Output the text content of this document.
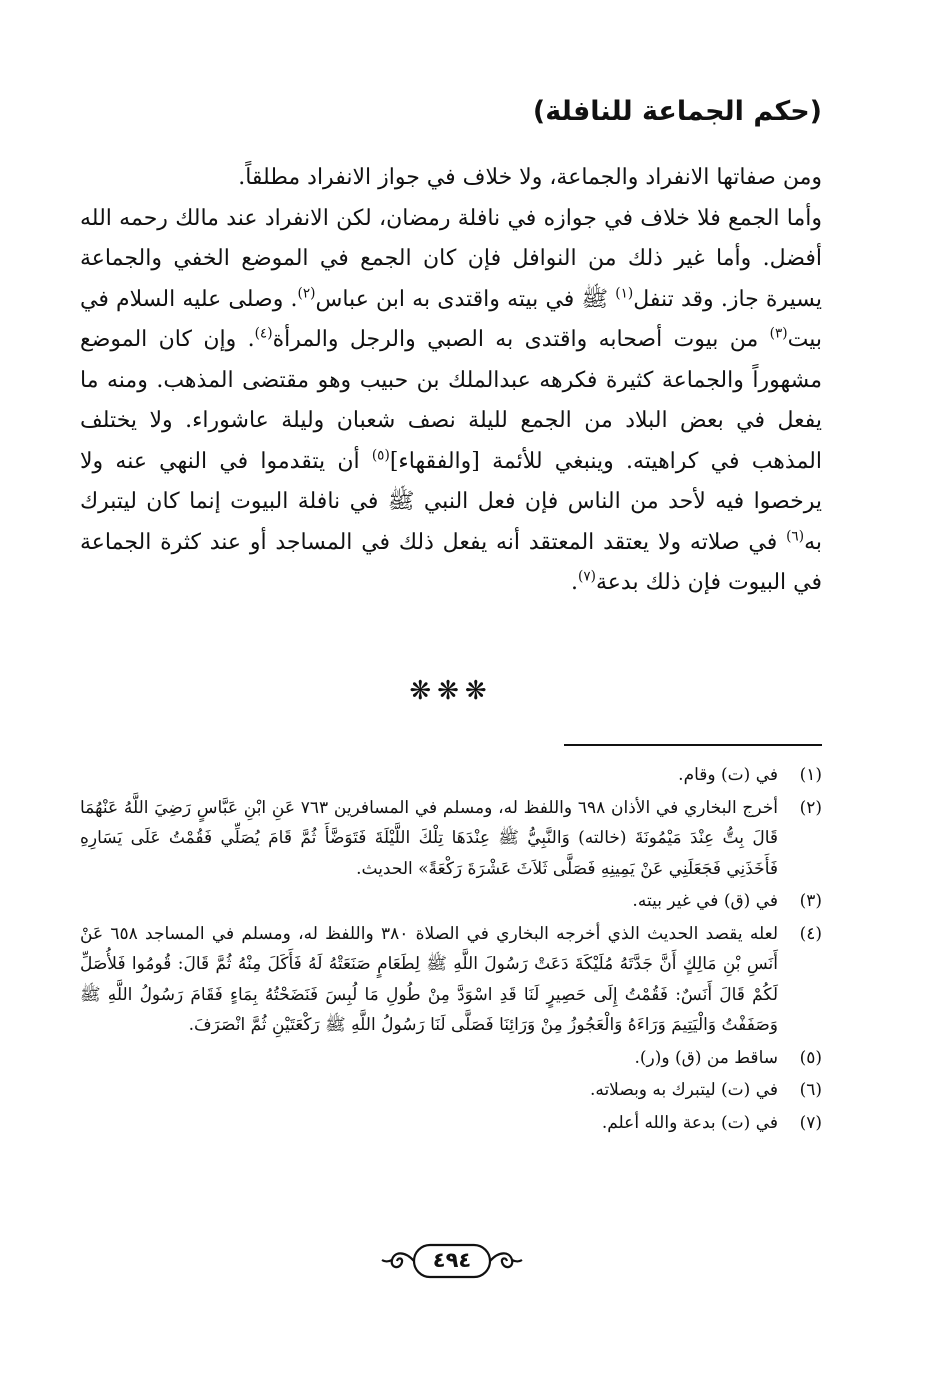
(حكم الجماعة للنافلة)

ومن صفاتها الانفراد والجماعة، ولا خلاف في جواز الانفراد مطلقاً.

وأما الجمع فلا خلاف في جوازه في نافلة رمضان، لكن الانفراد عند مالك رحمه الله أفضل. وأما غير ذلك من النوافل فإن كان الجمع في الموضع الخفي والجماعة يسيرة جاز. وقد تنفل$^{(١)}$ ﷺ في بيته واقتدى به ابن عباس$^{(٢)}$. وصلى عليه السلام في بيت$^{(٣)}$ من بيوت أصحابه واقتدى به الصبي والرجل والمرأة$^{(٤)}$. وإن كان الموضع مشهوراً والجماعة كثيرة فكرهه عبدالملك بن حبيب وهو مقتضى المذهب. ومنه ما يفعل في بعض البلاد من الجمع لليلة نصف شعبان وليلة عاشوراء. ولا يختلف المذهب في كراهيته. وينبغي للأئمة [والفقهاء]$^{(٥)}$ أن يتقدموا في النهي عنه ولا يرخصوا فيه لأحد من الناس فإن فعل النبي ﷺ في نافلة البيوت إنما كان ليتبرك به$^{(٦)}$ في صلاته ولا يعتقد المعتقد أنه يفعل ذلك في المساجد أو عند كثرة الجماعة في البيوت فإن ذلك بدعة$^{(٧)}$.

❋❋❋
(١)
في (ت) وقام.
(٢)
أخرج البخاري في الأذان ٦٩٨ واللفظ له، ومسلم في المسافرين ٧٦٣ عَنِ ابْنِ عَبَّاسٍ رَضِيَ اللَّهُ عَنْهُمَا قَالَ بِتُّ عِنْدَ مَيْمُونَةَ (خالته) وَالنَّبِيُّ ﷺ عِنْدَهَا تِلْكَ اللَّيْلَةَ فَتَوَضَّأَ ثُمَّ قَامَ يُصَلِّي فَقُمْتُ عَلَى يَسَارِهِ فَأَخَذَنِي فَجَعَلَنِي عَنْ يَمِينِهِ فَصَلَّى ثَلاَثَ عَشْرَةَ رَكْعَةً» الحديث.
(٣)
في (ق) في غير بيته.
(٤)
لعله يقصد الحديث الذي أخرجه البخاري في الصلاة ٣٨٠ واللفظ له، ومسلم في المساجد ٦٥٨ عَنْ أَنَسِ بْنِ مَالِكٍ أَنَّ جَدَّتَهُ مُلَيْكَةَ دَعَتْ رَسُولَ اللَّهِ ﷺ لِطَعَامٍ صَنَعَتْهُ لَهُ فَأَكَلَ مِنْهُ ثُمَّ قَالَ: قُومُوا فَلأُصَلِّ لَكُمْ قَالَ أَنَسٌ: فَقُمْتُ إِلَى حَصِيرٍ لَنَا قَدِ اسْوَدَّ مِنْ طُولِ مَا لُبِسَ فَنَضَحْتُهُ بِمَاءٍ فَقَامَ رَسُولُ اللَّهِ ﷺ وَصَفَفْتُ وَالْيَتِيمَ وَرَاءَهُ وَالْعَجُوزُ مِنْ وَرَائِنَا فَصَلَّى لَنَا رَسُولُ اللَّهِ ﷺ رَكْعَتَيْنِ ثُمَّ انْصَرَفَ.
(٥)
ساقط من (ق) و(ر).
(٦)
في (ت) ليتبرك به وبصلاته.
(٧)
في (ت) بدعة والله أعلم.
٤٩٤
